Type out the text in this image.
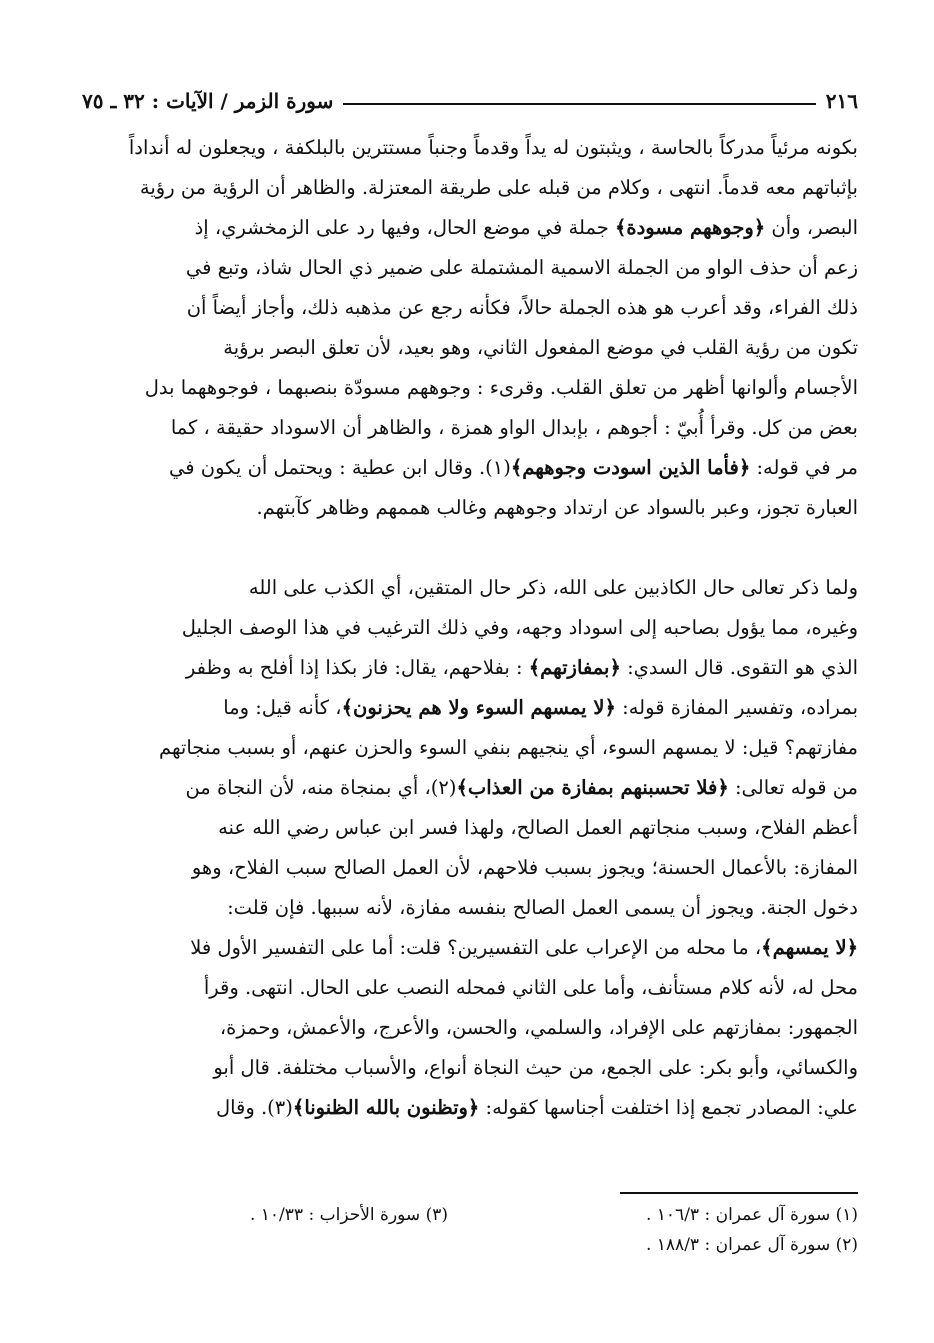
٢١٦
سورة الزمر / الآيات : ٣٢ ـ ٧٥

بكونه مرئياً مدركاً بالحاسة ، ويثبتون له يداً وقدماً وجنباً مستترين بالبلكفة ، ويجعلون له أنداداً

بإثباتهم معه قدماً. انتهى ، وكلام من قبله على طريقة المعتزلة. والظاهر أن الرؤية من رؤية

البصر، وأن ﴿وجوههم مسودة﴾ جملة في موضع الحال، وفيها رد على الزمخشري، إذ

زعم أن حذف الواو من الجملة الاسمية المشتملة على ضمير ذي الحال شاذ، وتبع في

ذلك الفراء، وقد أعرب هو هذه الجملة حالاً، فكأنه رجع عن مذهبه ذلك، وأجاز أيضاً أن

تكون من رؤية القلب في موضع المفعول الثاني، وهو بعيد، لأن تعلق البصر برؤية

الأجسام وألوانها أظهر من تعلق القلب. وقرىء : وجوههم مسودّة بنصبهما ، فوجوههما بدل

بعض من كل. وقرأ أُبيّ : أجوهم ، بإبدال الواو همزة ، والظاهر أن الاسوداد حقيقة ، كما

مر في قوله: ﴿فأما الذين اسودت وجوههم﴾(١). وقال ابن عطية : ويحتمل أن يكون في

العبارة تجوز، وعبر بالسواد عن ارتداد وجوههم وغالب هممهم وظاهر كآبتهم.

ولما ذكر تعالى حال الكاذبين على الله، ذكر حال المتقين، أي الكذب على الله

وغيره، مما يؤول بصاحبه إلى اسوداد وجهه، وفي ذلك الترغيب في هذا الوصف الجليل

الذي هو التقوى. قال السدي: ﴿بمفازتهم﴾ : بفلاحهم، يقال: فاز بكذا إذا أفلح به وظفر

بمراده، وتفسير المفازة قوله: ﴿لا يمسهم السوء ولا هم يحزنون﴾، كأنه قيل: وما

مفازتهم؟ قيل: لا يمسهم السوء، أي ينجيهم بنفي السوء والحزن عنهم، أو بسبب منجاتهم

من قوله تعالى: ﴿فلا تحسبنهم بمفازة من العذاب﴾(٢)، أي بمنجاة منه، لأن النجاة من

أعظم الفلاح، وسبب منجاتهم العمل الصالح، ولهذا فسر ابن عباس رضي الله عنه

المفازة: بالأعمال الحسنة؛ ويجوز بسبب فلاحهم، لأن العمل الصالح سبب الفلاح، وهو

دخول الجنة. ويجوز أن يسمى العمل الصالح بنفسه مفازة، لأنه سببها. فإن قلت:

﴿لا يمسهم﴾، ما محله من الإعراب على التفسيرين؟ قلت: أما على التفسير الأول فلا

محل له، لأنه كلام مستأنف، وأما على الثاني فمحله النصب على الحال. انتهى. وقرأ

الجمهور: بمفازتهم على الإفراد، والسلمي، والحسن، والأعرج، والأعمش، وحمزة،

والكسائي، وأبو بكر: على الجمع، من حيث النجاة أنواع، والأسباب مختلفة. قال أبو

علي: المصادر تجمع إذا اختلفت أجناسها كقوله: ﴿وتظنون بالله الظنونا﴾(٣). وقال

(١) سورة آل عمران : ١٠٦/٣ .
(٣) سورة الأحزاب : ١٠/٣٣ .
(٢) سورة آل عمران : ١٨٨/٣ .
